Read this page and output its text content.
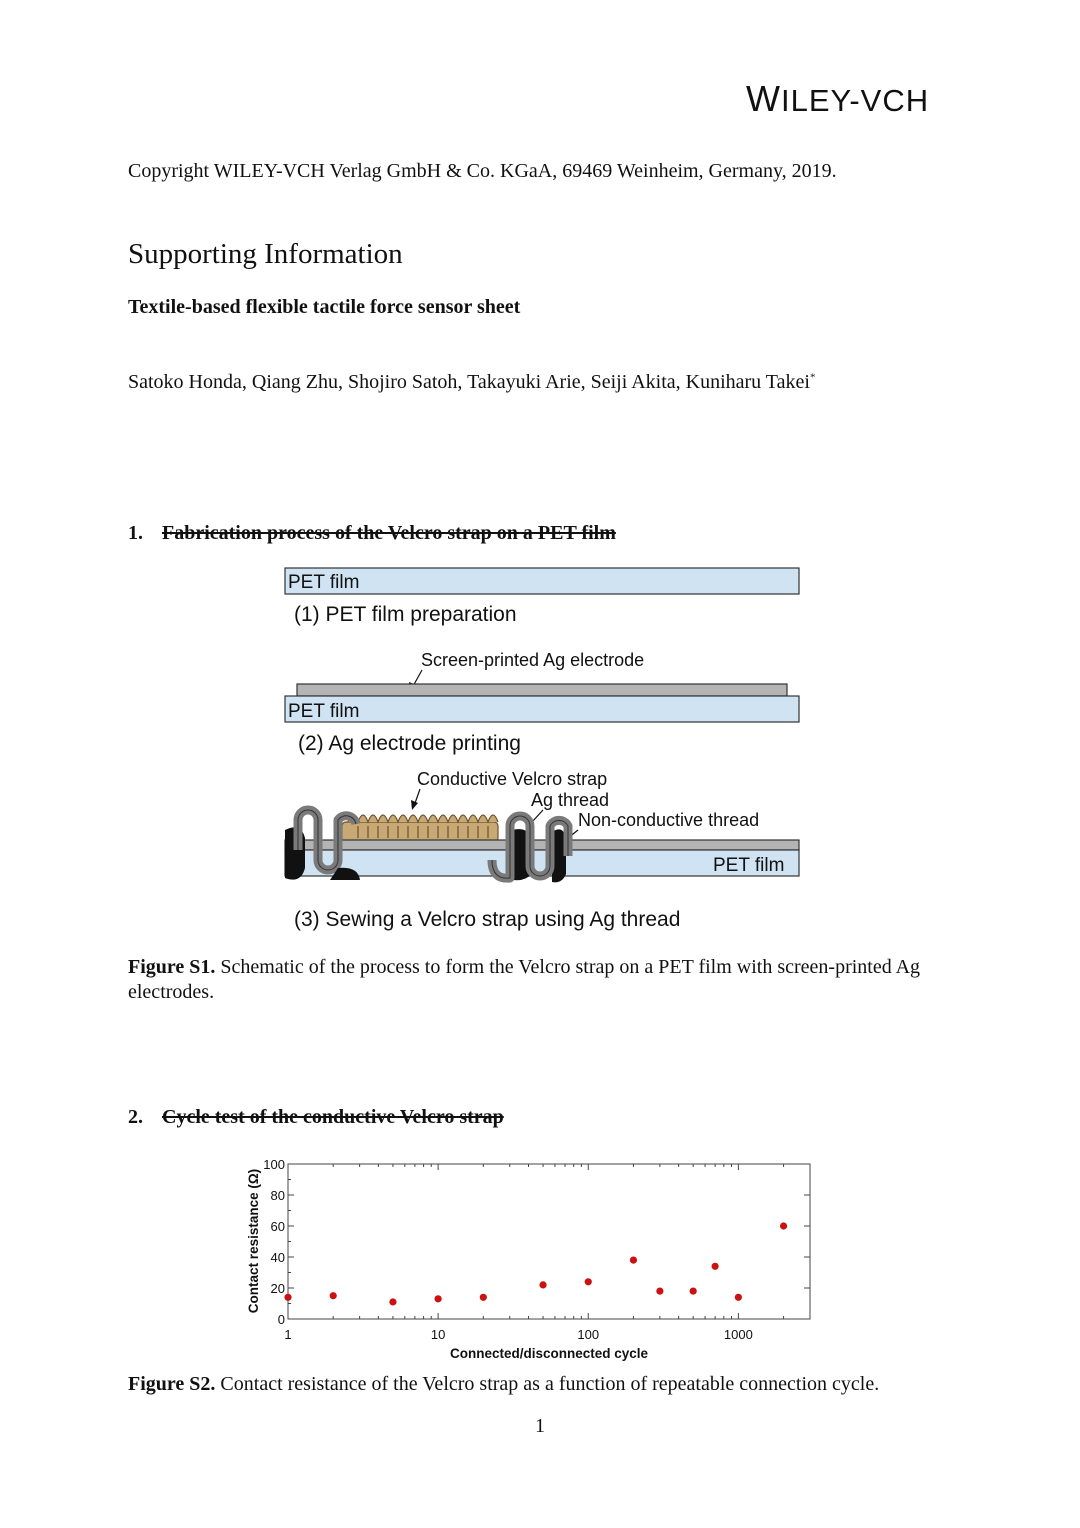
WILEY-VCH
Copyright WILEY-VCH Verlag GmbH & Co. KGaA, 69469 Weinheim, Germany, 2019.
Supporting Information
Textile-based flexible tactile force sensor sheet
Satoko Honda, Qiang Zhu, Shojiro Satoh, Takayuki Arie, Seiji Akita, Kuniharu Takei*
1. Fabrication process of the Velcro strap on a PET film
PET film
(1) PET film preparation
Screen-printed Ag electrode
PET film
(2) Ag electrode printing
Conductive Velcro strap
Ag thread
Non-conductive thread
PET film
(3) Sewing a Velcro strap using Ag thread
Figure S1. Schematic of the process to form the Velcro strap on a PET film with screen-printed Ag electrodes.
2. Cycle test of the conductive Velcro strap
1	10	100	1000
0
20
40
60
80
100
Connected/disconnected cycle
Contact resistance (Ω)
Figure S2. Contact resistance of the Velcro strap as a function of repeatable connection cycle.
1
